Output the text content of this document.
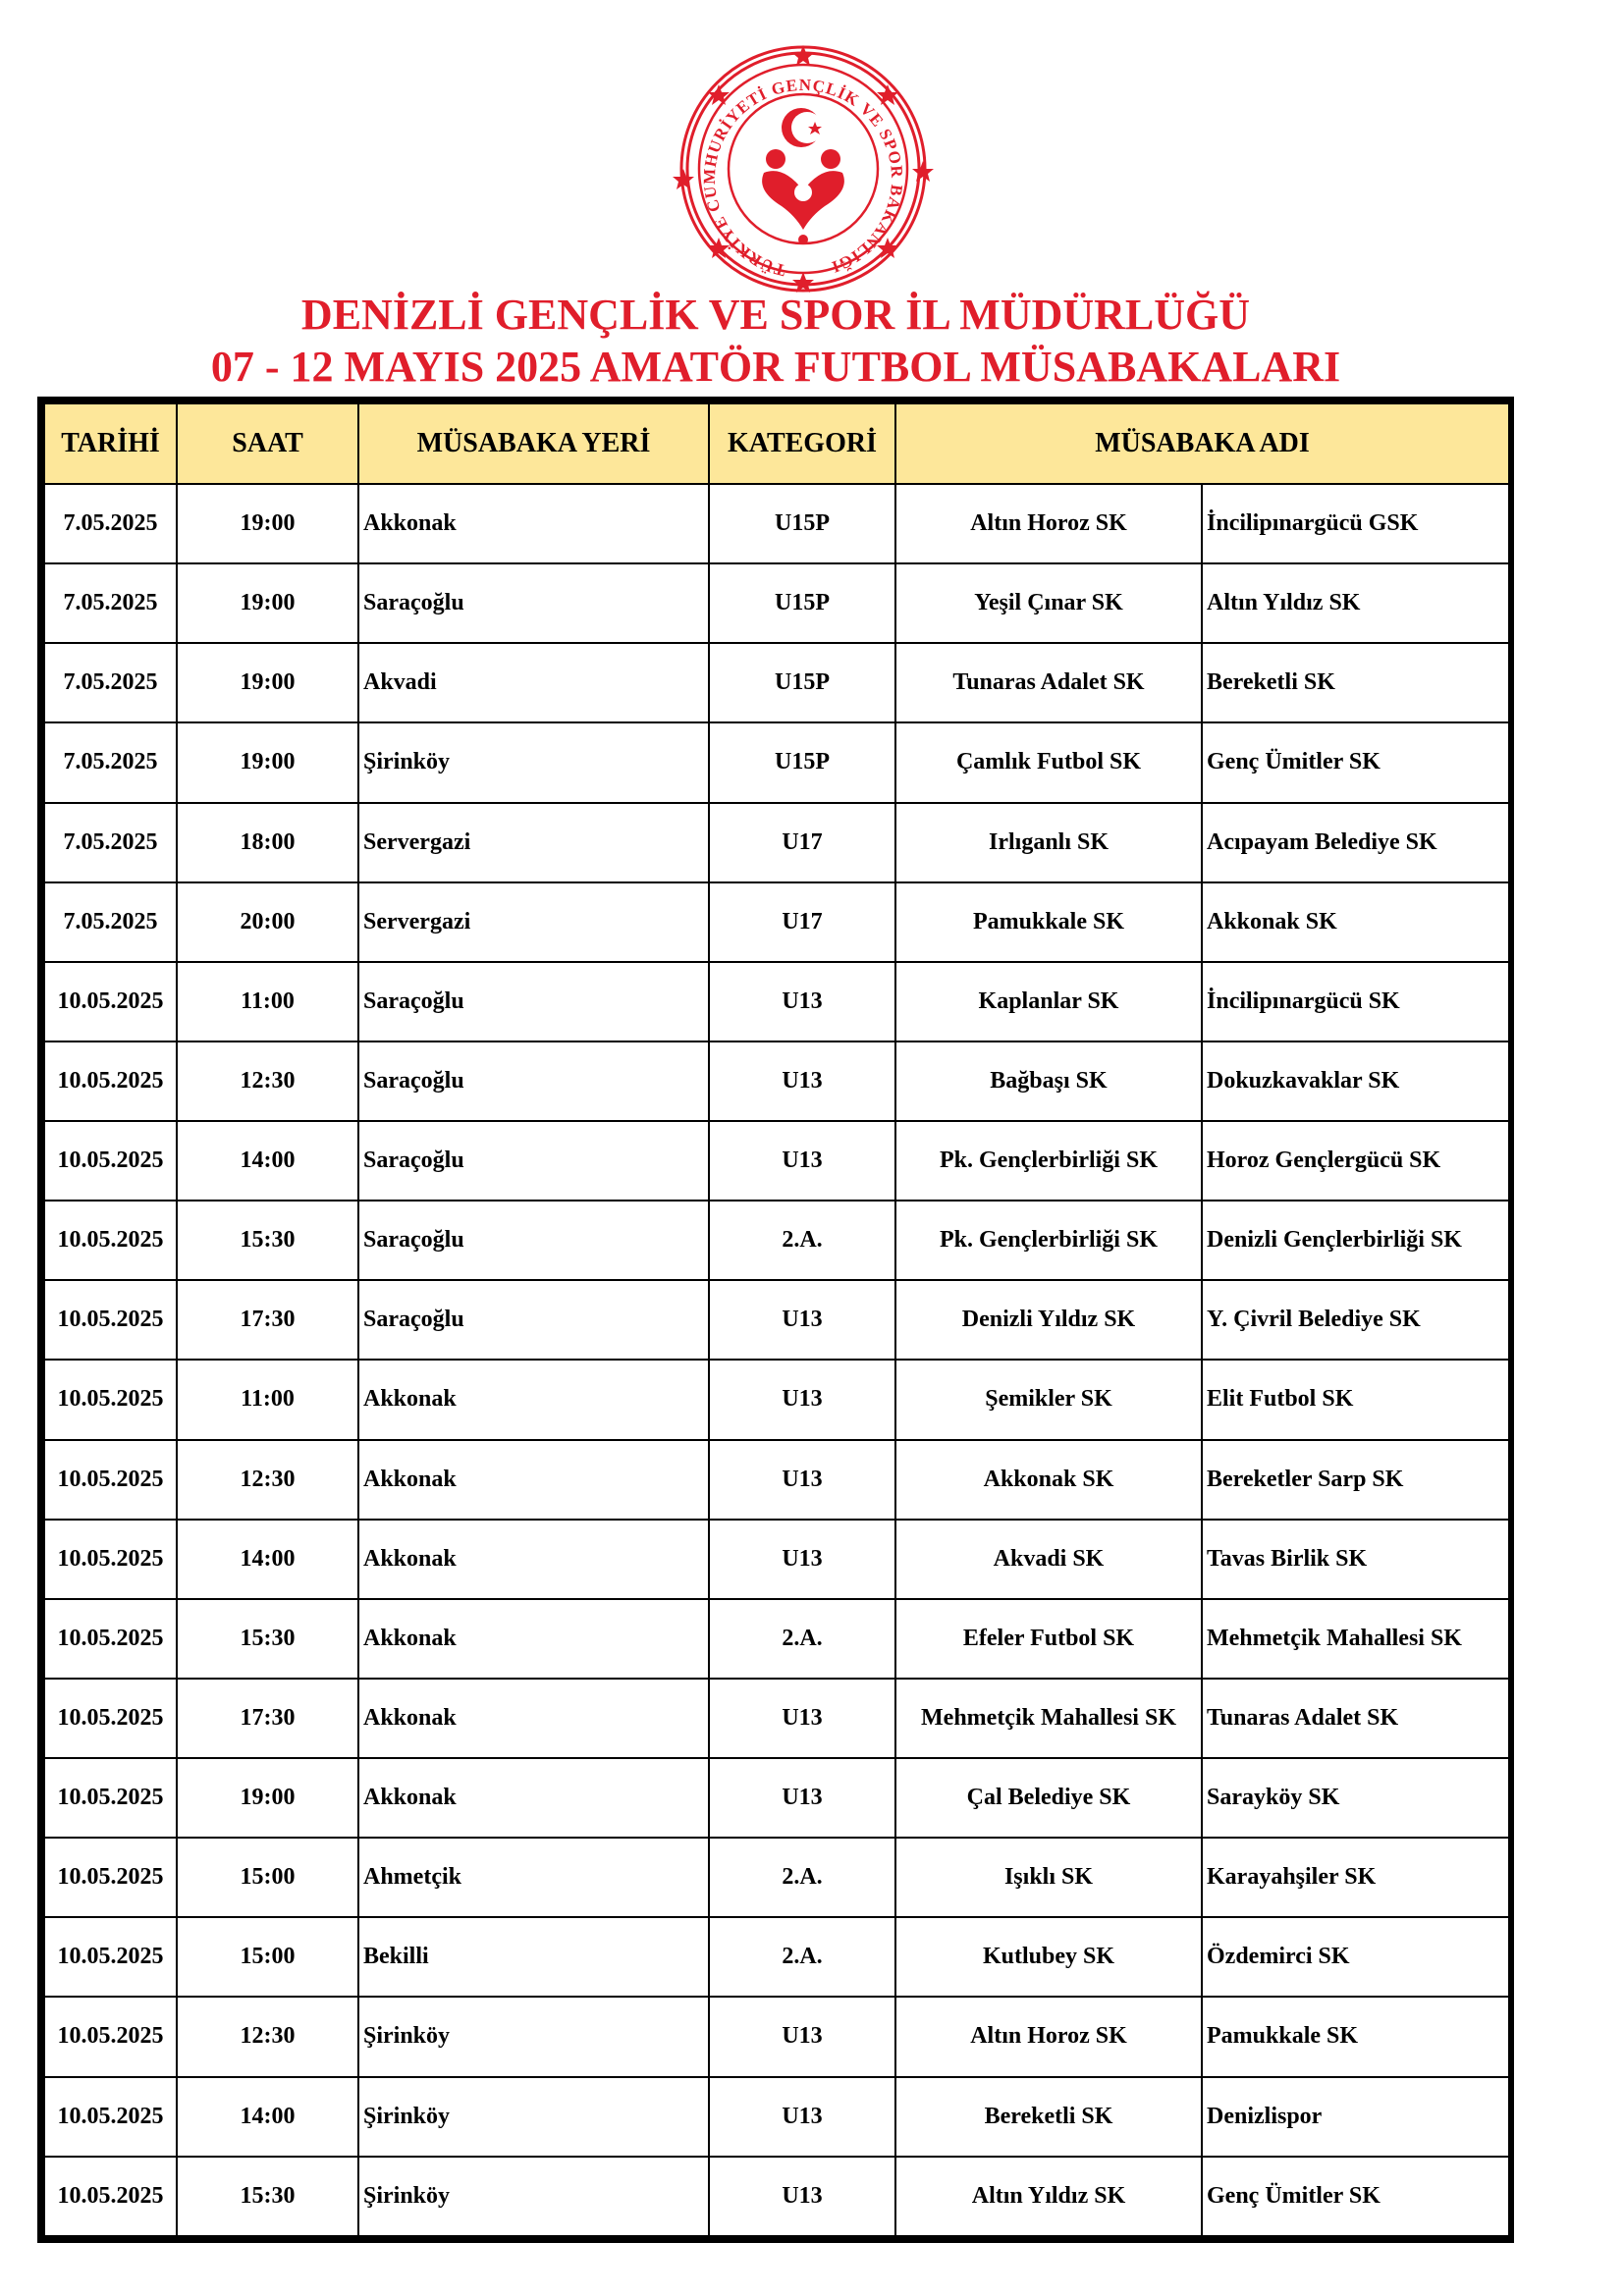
TÜRKİYE CUMHURİYETİ GENÇLİK VE SPOR BAKANLIĞI
DENİZLİ GENÇLİK VE SPOR İL MÜDÜRLÜĞÜ
07 - 12 MAYIS 2025 AMATÖR FUTBOL MÜSABAKALARI
TARİHİ	SAAT	MÜSABAKA YERİ	KATEGORİ	MÜSABAKA ADI	
7.05.2025	19:00	Akkonak	U15P	Altın Horoz SK	İncilipınargücü GSK
7.05.2025	19:00	Saraçoğlu	U15P	Yeşil Çınar SK	Altın Yıldız SK
7.05.2025	19:00	Akvadi	U15P	Tunaras Adalet SK	Bereketli SK
7.05.2025	19:00	Şirinköy	U15P	Çamlık Futbol SK	Genç Ümitler SK
7.05.2025	18:00	Servergazi	U17	Irlıganlı SK	Acıpayam Belediye SK
7.05.2025	20:00	Servergazi	U17	Pamukkale SK	Akkonak SK
10.05.2025	11:00	Saraçoğlu	U13	Kaplanlar SK	İncilipınargücü SK
10.05.2025	12:30	Saraçoğlu	U13	Bağbaşı SK	Dokuzkavaklar SK
10.05.2025	14:00	Saraçoğlu	U13	Pk. Gençlerbirliği SK	Horoz Gençlergücü SK
10.05.2025	15:30	Saraçoğlu	2.A.	Pk. Gençlerbirliği SK	Denizli Gençlerbirliği SK
10.05.2025	17:30	Saraçoğlu	U13	Denizli Yıldız SK	Y. Çivril Belediye SK
10.05.2025	11:00	Akkonak	U13	Şemikler SK	Elit Futbol SK
10.05.2025	12:30	Akkonak	U13	Akkonak SK	Bereketler Sarp SK
10.05.2025	14:00	Akkonak	U13	Akvadi SK	Tavas Birlik SK
10.05.2025	15:30	Akkonak	2.A.	Efeler Futbol SK	Mehmetçik Mahallesi SK
10.05.2025	17:30	Akkonak	U13	Mehmetçik Mahallesi SK	Tunaras Adalet SK
10.05.2025	19:00	Akkonak	U13	Çal Belediye SK	Sarayköy SK
10.05.2025	15:00	Ahmetçik	2.A.	Işıklı SK	Karayahşiler SK
10.05.2025	15:00	Bekilli	2.A.	Kutlubey SK	Özdemirci SK
10.05.2025	12:30	Şirinköy	U13	Altın Horoz SK	Pamukkale SK
10.05.2025	14:00	Şirinköy	U13	Bereketli SK	Denizlispor
10.05.2025	15:30	Şirinköy	U13	Altın Yıldız SK	Genç Ümitler SK
